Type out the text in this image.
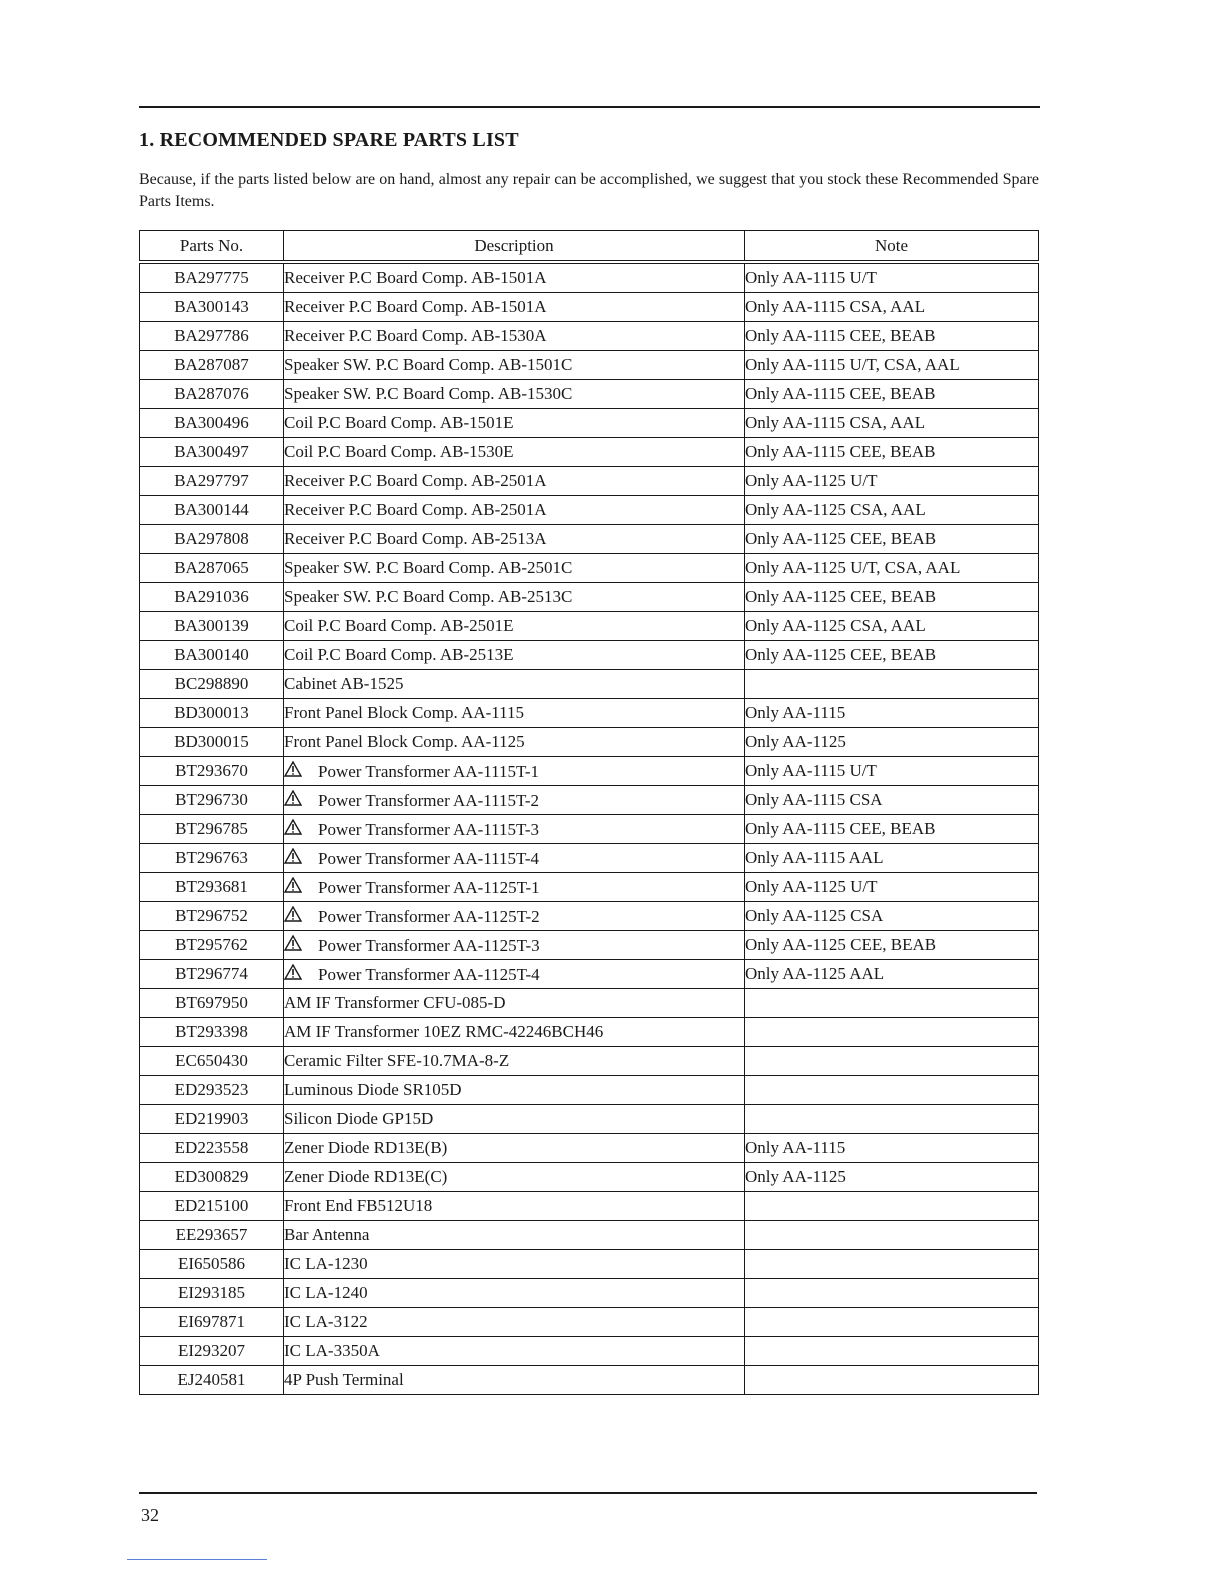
1. RECOMMENDED SPARE PARTS LIST

Because, if the parts listed below are on hand, almost any repair can be accomplished, we suggest that you stock these Recommended Spare Parts Items.

Parts No.	Description	Note
BA297775	Receiver P.C Board Comp. AB-1501A	Only AA-1115 U/T
BA300143	Receiver P.C Board Comp. AB-1501A	Only AA-1115 CSA, AAL
BA297786	Receiver P.C Board Comp. AB-1530A	Only AA-1115 CEE, BEAB
BA287087	Speaker SW. P.C Board Comp. AB-1501C	Only AA-1115 U/T, CSA, AAL
BA287076	Speaker SW. P.C Board Comp. AB-1530C	Only AA-1115 CEE, BEAB
BA300496	Coil P.C Board Comp. AB-1501E	Only AA-1115 CSA, AAL
BA300497	Coil P.C Board Comp. AB-1530E	Only AA-1115 CEE, BEAB
BA297797	Receiver P.C Board Comp. AB-2501A	Only AA-1125 U/T
BA300144	Receiver P.C Board Comp. AB-2501A	Only AA-1125 CSA, AAL
BA297808	Receiver P.C Board Comp. AB-2513A	Only AA-1125 CEE, BEAB
BA287065	Speaker SW. P.C Board Comp. AB-2501C	Only AA-1125 U/T, CSA, AAL
BA291036	Speaker SW. P.C Board Comp. AB-2513C	Only AA-1125 CEE, BEAB
BA300139	Coil P.C Board Comp. AB-2501E	Only AA-1125 CSA, AAL
BA300140	Coil P.C Board Comp. AB-2513E	Only AA-1125 CEE, BEAB
BC298890	Cabinet AB-1525	
BD300013	Front Panel Block Comp. AA-1115	Only AA-1115
BD300015	Front Panel Block Comp. AA-1125	Only AA-1125
BT293670	Power Transformer AA-1115T-1	Only AA-1115 U/T
BT296730	Power Transformer AA-1115T-2	Only AA-1115 CSA
BT296785	Power Transformer AA-1115T-3	Only AA-1115 CEE, BEAB
BT296763	Power Transformer AA-1115T-4	Only AA-1115 AAL
BT293681	Power Transformer AA-1125T-1	Only AA-1125 U/T
BT296752	Power Transformer AA-1125T-2	Only AA-1125 CSA
BT295762	Power Transformer AA-1125T-3	Only AA-1125 CEE, BEAB
BT296774	Power Transformer AA-1125T-4	Only AA-1125 AAL
BT697950	AM IF Transformer CFU-085-D	
BT293398	AM IF Transformer 10EZ RMC-42246BCH46	
EC650430	Ceramic Filter SFE-10.7MA-8-Z	
ED293523	Luminous Diode SR105D	
ED219903	Silicon Diode GP15D	
ED223558	Zener Diode RD13E(B)	Only AA-1115
ED300829	Zener Diode RD13E(C)	Only AA-1125
ED215100	Front End FB512U18	
EE293657	Bar Antenna	
EI650586	IC LA-1230	
EI293185	IC LA-1240	
EI697871	IC LA-3122	
EI293207	IC LA-3350A	
EJ240581	4P Push Terminal	
32
